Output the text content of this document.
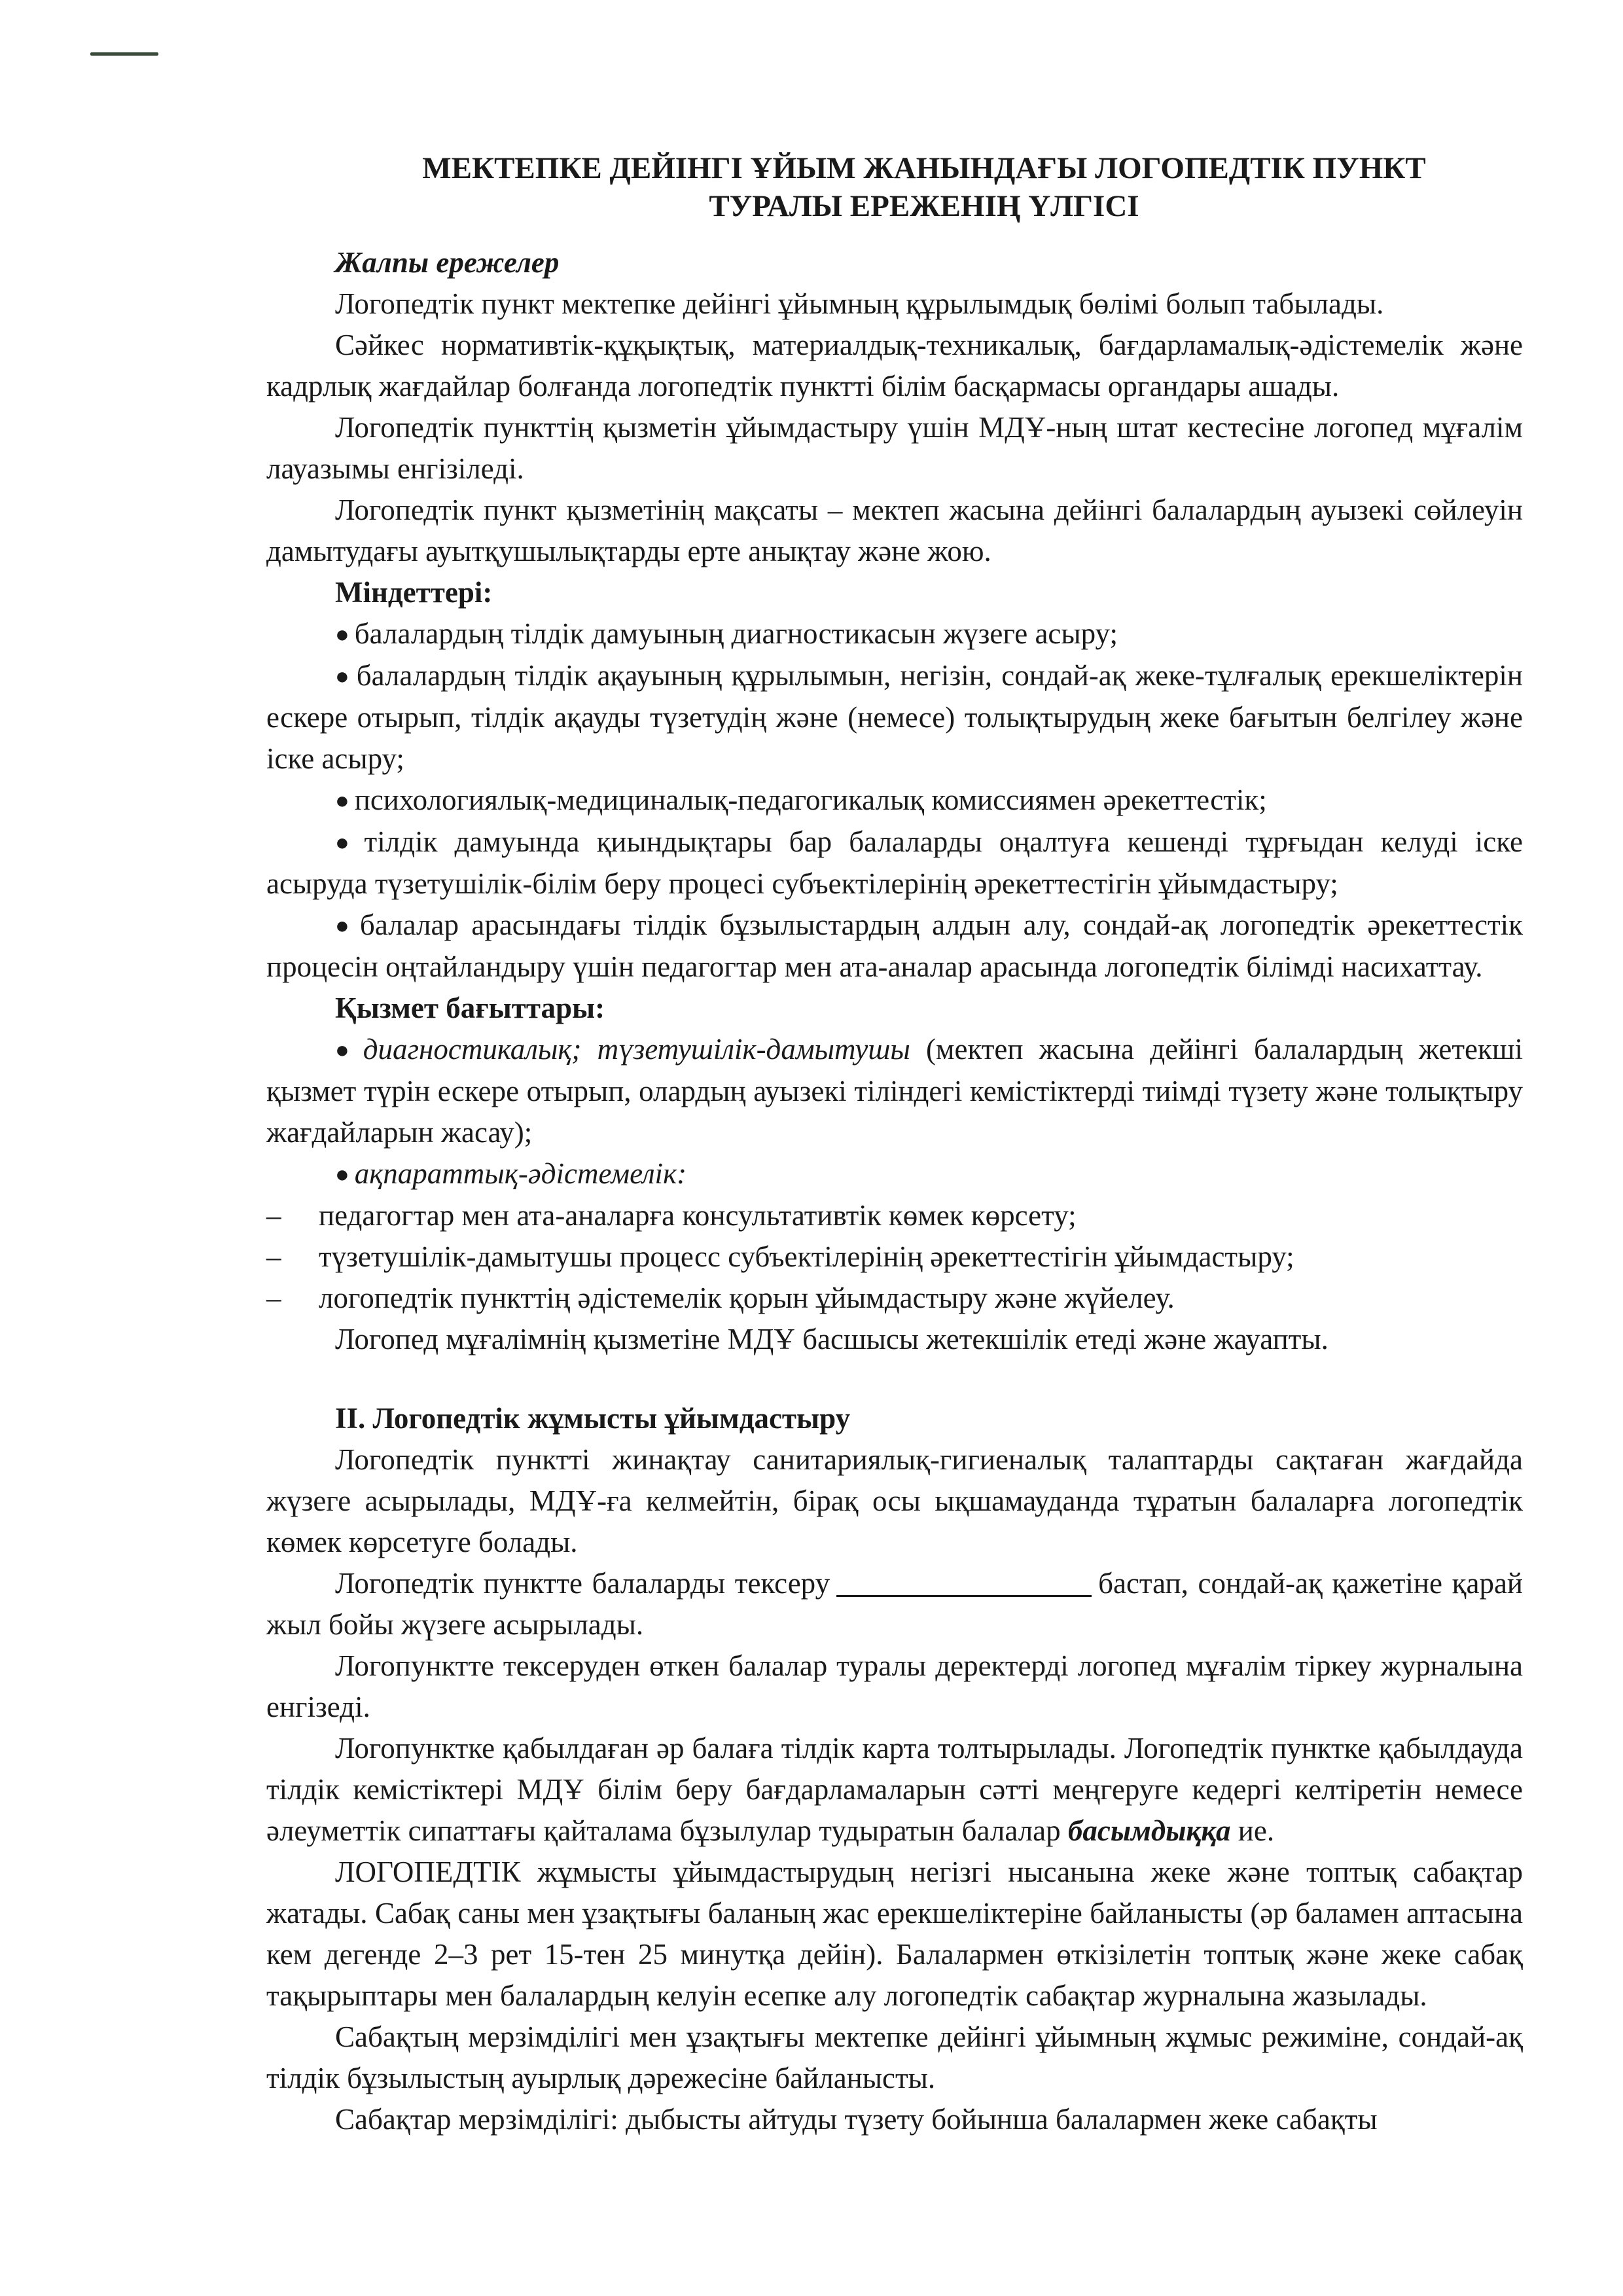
МЕКТЕПКЕ ДЕЙІНГІ ҰЙЫМ ЖАНЫНДАҒЫ ЛОГОПЕДТІК ПУНКТ
ТУРАЛЫ ЕРЕЖЕНІҢ ҮЛГІСІ

Жалпы ережелер

Логопедтік пункт мектепке дейінгі ұйымның құрылымдық бөлімі болып табылады.

Сәйкес нормативтік-құқықтық, материалдық-техникалық, бағдарламалық-әдістемелік және кадрлық жағдайлар болғанда логопедтік пунктті білім басқармасы органдары ашады.

Логопедтік пункттің қызметін ұйымдастыру үшін МДҰ-ның штат кестесіне логопед мұғалім лауазымы енгізіледі.

Логопедтік пункт қызметінің мақсаты – мектеп жасына дейінгі балалардың ауызекі сөйлеуін дамытудағы ауытқушылықтарды ерте анықтау және жою.

Міндеттері:

● балалардың тілдік дамуының диагностикасын жүзеге асыру;

● балалардың тілдік ақауының құрылымын, негізін, сондай-ақ жеке-тұлғалық ерекшеліктерін ескере отырып, тілдік ақауды түзетудің және (немесе) толықтырудың жеке бағытын белгілеу және іске асыру;

● психологиялық-медициналық-педагогикалық комиссиямен әрекеттестік;

● тілдік дамуында қиындықтары бар балаларды оңалтуға кешенді тұрғыдан келуді іске асыруда түзетушілік-білім беру процесі субъектілерінің әрекеттестігін ұйымдастыру;

● балалар арасындағы тілдік бұзылыстардың алдын алу, сондай-ақ логопедтік әрекеттестік процесін оңтайландыру үшін педагогтар мен ата-аналар арасында логопедтік білімді насихаттау.

Қызмет бағыттары:

● диагностикалық; түзетушілік-дамытушы (мектеп жасына дейінгі балалардың жетекші қызмет түрін ескере отырып, олардың ауызекі тіліндегі кемістіктерді тиімді түзету және толықтыру жағдайларын жасау);

● ақпараттық-әдістемелік:

– педагогтар мен ата-аналарға консультативтік көмек көрсету;

– түзетушілік-дамытушы процесс субъектілерінің әрекеттестігін ұйымдастыру;

– логопедтік пункттің әдістемелік қорын ұйымдастыру және жүйелеу.

Логопед мұғалімнің қызметіне МДҰ басшысы жетекшілік етеді және жауапты.

ІІ. Логопедтік жұмысты ұйымдастыру

Логопедтік пунктті жинақтау санитариялық-гигиеналық талаптарды сақтаған жағдайда жүзеге асырылады, МДҰ-ға келмейтін, бірақ осы ықшамауданда тұратын балаларға логопедтік көмек көрсетуге болады.

Логопедтік пунктте балаларды тексеру	бастап, сондай-ақ қажетіне қарай жыл бойы жүзеге асырылады.

Логопунктте тексеруден өткен балалар туралы деректерді логопед мұғалім тіркеу журналына енгізеді.

Логопунктке қабылдаған әр балаға тілдік карта толтырылады. Логопедтік пунктке қабылдауда тілдік кемістіктері МДҰ білім беру бағдарламаларын сәтті меңгеруге кедергі келтіретін немесе әлеуметтік сипаттағы қайталама бұзылулар тудыратын балалар басымдыққа ие.

ЛОГОПЕДТІК жұмысты ұйымдастырудың негізгі нысанына жеке және топтық сабақтар жатады. Сабақ саны мен ұзақтығы баланың жас ерекшеліктеріне байланысты (әр баламен аптасына кем дегенде 2–3 рет 15-тен 25 минутқа дейін). Балалармен өткізілетін топтық және жеке сабақ тақырыптары мен балалардың келуін есепке алу логопедтік сабақтар журналына жазылады.

Сабақтың мерзімділігі мен ұзақтығы мектепке дейінгі ұйымның жұмыс режиміне, сондай-ақ тілдік бұзылыстың ауырлық дәрежесіне байланысты.

Сабақтар мерзімділігі: дыбысты айтуды түзету бойынша балалармен жеке сабақты
